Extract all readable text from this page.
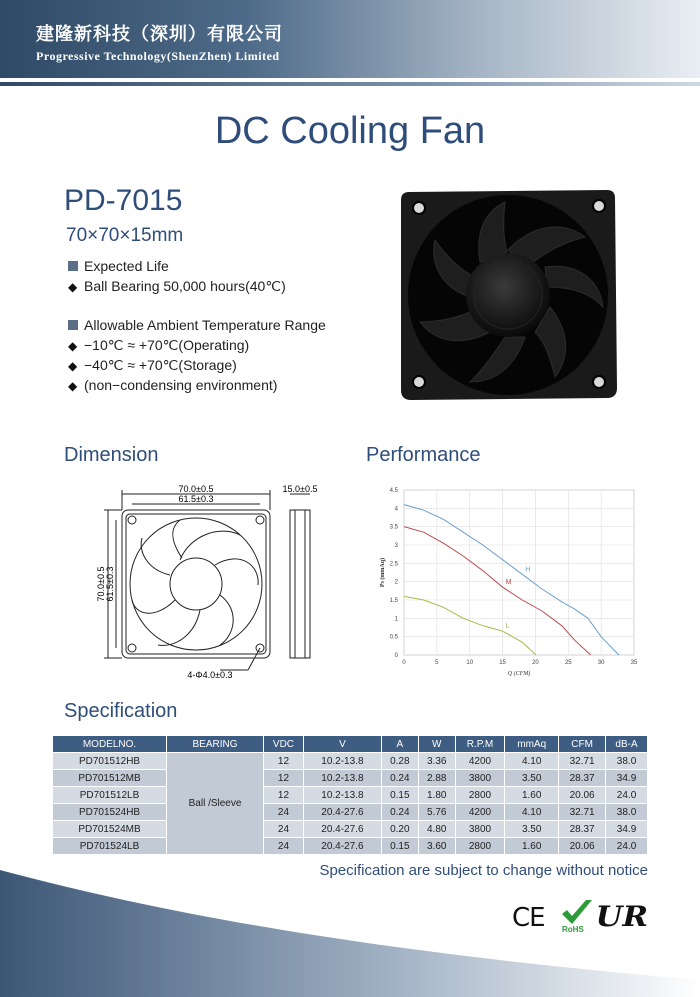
建隆新科技（深圳）有限公司
Progressive Technology(ShenZhen) Limited
DC Cooling Fan
PD-7015
70×70×15mm
Expected Life
◆ Ball Bearing 50,000 hours(40℃)
Allowable Ambient Temperature Range
◆ −10℃ ≈ +70℃(Operating)
◆ −40℃ ≈ +70℃(Storage)
◆ (non−condensing environment)
Dimension	Performance
70.0±0.5
61.5±0.3
15.0±0.5
70.0±0.5 61.5±0.3
4-Φ4.0±0.3
0	5	10	15	20	25	30	35
0
0.5
1
1.5
2
2.5
3
3.5
4
4.5
H
M
L
Q (CFM)
Ps (mmAq)
Specification
MODELNO.	BEARING	VDC	V	A	W	R.P.M	mmAq	CFM	dB-A
PD701512HB	Ball /Sleeve	12	10.2-13.8	0.28	3.36	4200	4.10	32.71	38.0
PD701512MB		12	10.2-13.8	0.24	2.88	3800	3.50	28.37	34.9
PD701512LB		12	10.2-13.8	0.15	1.80	2800	1.60	20.06	24.0
PD701524HB		24	20.4-27.6	0.24	5.76	4200	4.10	32.71	38.0
PD701524MB		24	20.4-27.6	0.20	4.80	3800	3.50	28.37	34.9
PD701524LB		24	20.4-27.6	0.15	3.60	2800	1.60	20.06	24.0
Specification are subject to change without notice
CE RoHS UR
